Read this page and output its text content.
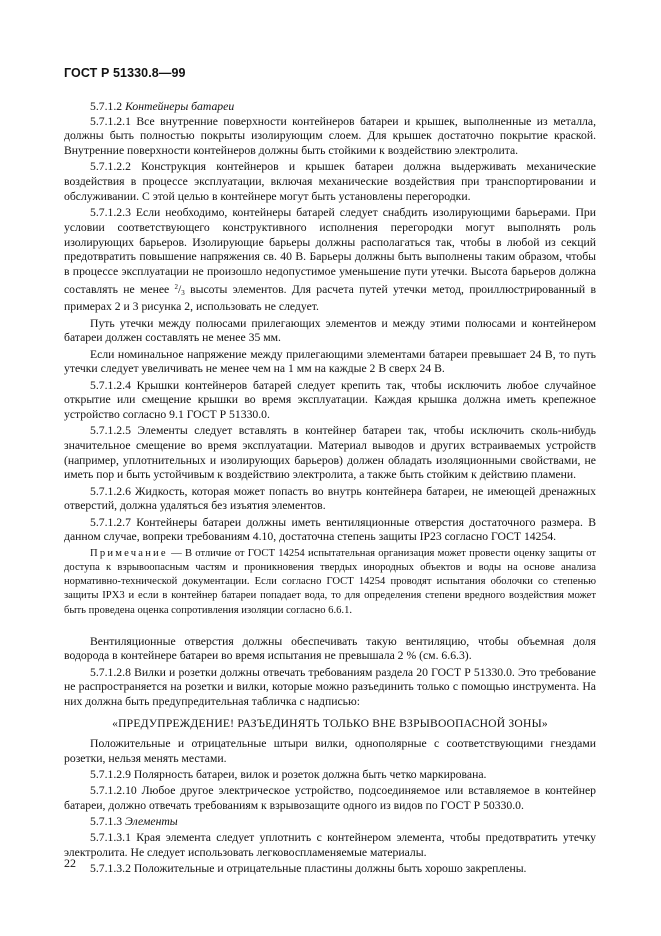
ГОСТ Р 51330.8—99

5.7.1.2 Контейнеры батареи

5.7.1.2.1 Все внутренние поверхности контейнеров батареи и крышек, выполненные из металла, должны быть полностью покрыты изолирующим слоем. Для крышек достаточно покрытие краской. Внутренние поверхности контейнеров должны быть стойкими к воздействию электролита.

5.7.1.2.2 Конструкция контейнеров и крышек батареи должна выдерживать механические воздействия в процессе эксплуатации, включая механические воздействия при транспортировании и обслуживании. С этой целью в контейнере могут быть установлены перегородки.

5.7.1.2.3 Если необходимо, контейнеры батарей следует снабдить изолирующими барьерами. При условии соответствующего конструктивного исполнения перегородки могут выполнять роль изолирующих барьеров. Изолирующие барьеры должны располагаться так, чтобы в любой из секций предотвратить повышение напряжения св. 40 В. Барьеры должны быть выполнены таким образом, чтобы в процессе эксплуатации не произошло недопустимое уменьшение пути утечки. Высота барьеров должна составлять не менее $^2/_3$ высоты элементов. Для расчета путей утечки метод, проиллюстрированный в примерах 2 и 3 рисунка 2, использовать не следует.

Путь утечки между полюсами прилегающих элементов и между этими полюсами и контейнером батареи должен составлять не менее 35 мм.

Если номинальное напряжение между прилегающими элементами батареи превышает 24 В, то путь утечки следует увеличивать не менее чем на 1 мм на каждые 2 В сверх 24 В.

5.7.1.2.4 Крышки контейнеров батарей следует крепить так, чтобы исключить любое случайное открытие или смещение крышки во время эксплуатации. Каждая крышка должна иметь крепежное устройство согласно 9.1 ГОСТ Р 51330.0.

5.7.1.2.5 Элементы следует вставлять в контейнер батареи так, чтобы исключить сколь-нибудь значительное смещение во время эксплуатации. Материал выводов и других встраиваемых устройств (например, уплотнительных и изолирующих барьеров) должен обладать изоляционными свойствами, не иметь пор и быть устойчивым к воздействию электролита, а также быть стойким к действию пламени.

5.7.1.2.6 Жидкость, которая может попасть во внутрь контейнера батареи, не имеющей дренажных отверстий, должна удаляться без изъятия элементов.

5.7.1.2.7 Контейнеры батареи должны иметь вентиляционные отверстия достаточного размера. В данном случае, вопреки требованиям 4.10, достаточна степень защиты IP23 согласно ГОСТ 14254.

Примечание — В отличие от ГОСТ 14254 испытательная организация может провести оценку защиты от доступа к взрывоопасным частям и проникновения твердых инородных объектов и воды на основе анализа нормативно-технической документации. Если согласно ГОСТ 14254 проводят испытания оболочки со степенью защиты IPX3 и если в контейнер батареи попадает вода, то для определения степени вредного воздействия может быть проведена оценка сопротивления изоляции согласно 6.6.1.

Вентиляционные отверстия должны обеспечивать такую вентиляцию, чтобы объемная доля водорода в контейнере батареи во время испытания не превышала 2 % (см. 6.6.3).

5.7.1.2.8 Вилки и розетки должны отвечать требованиям раздела 20 ГОСТ Р 51330.0. Это требование не распространяется на розетки и вилки, которые можно разъединить только с помощью инструмента. На них должна быть предупредительная табличка с надписью:

«ПРЕДУПРЕЖДЕНИЕ! РАЗЪЕДИНЯТЬ ТОЛЬКО ВНЕ ВЗРЫВООПАСНОЙ ЗОНЫ»

Положительные и отрицательные штыри вилки, однополярные с соответствующими гнездами розетки, нельзя менять местами.

5.7.1.2.9 Полярность батареи, вилок и розеток должна быть четко маркирована.

5.7.1.2.10 Любое другое электрическое устройство, подсоединяемое или вставляемое в контейнер батареи, должно отвечать требованиям к взрывозащите одного из видов по ГОСТ Р 50330.0.

5.7.1.3 Элементы

5.7.1.3.1 Края элемента следует уплотнить с контейнером элемента, чтобы предотвратить утечку электролита. Не следует использовать легковоспламеняемые материалы.

5.7.1.3.2 Положительные и отрицательные пластины должны быть хорошо закреплены.

22
